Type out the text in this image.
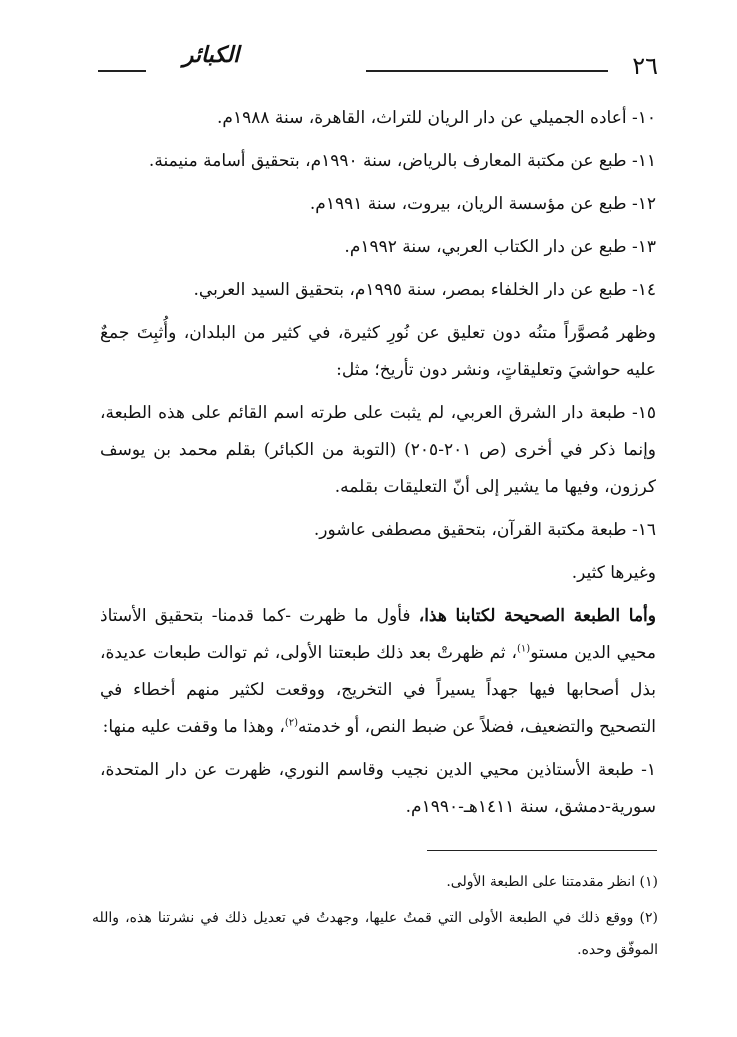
٢٦
الكبائر

١٠- أعاده الجميلي عن دار الريان للتراث، القاهرة، سنة ١٩٨٨م.

١١- طبع عن مكتبة المعارف بالرياض، سنة ١٩٩٠م، بتحقيق أسامة منيمنة.

١٢- طبع عن مؤسسة الريان، بيروت، سنة ١٩٩١م.

١٣- طبع عن دار الكتاب العربي، سنة ١٩٩٢م.

١٤- طبع عن دار الخلفاء بمصر، سنة ١٩٩٥م، بتحقيق السيد العربي.

وظهر مُصوَّراً متنُه دون تعليق عن نُورِ كثيرة، في كثير من البلدان، وأُثبِتَ جمعٌ عليه حواشيَ وتعليقاتٍ، ونشر دون تأريخ؛ مثل:

١٥- طبعة دار الشرق العربي، لم يثبت على طرته اسم القائم على هذه الطبعة، وإنما ذكر في أخرى (ص ٢٠١-٢٠٥) (التوبة من الكبائر) بقلم محمد بن يوسف كرزون، وفيها ما يشير إلى أنّ التعليقات بقلمه.

١٦- طبعة مكتبة القرآن، بتحقيق مصطفى عاشور.

وغيرها كثير.

وأما الطبعة الصحيحة لكتابنا هذا، فأول ما ظهرت -كما قدمنا- بتحقيق الأستاذ محيي الدين مستو$^{(١)}$، ثم ظهرتْ بعد ذلك طبعتنا الأولى، ثم توالت طبعات عديدة، بذل أصحابها فيها جهداً يسيراً في التخريج، ووقعت لكثير منهم أخطاء في التصحيح والتضعيف، فضلاً عن ضبط النص، أو خدمته$^{(٢)}$، وهذا ما وقفت عليه منها:

١- طبعة الأستاذين محيي الدين نجيب وقاسم النوري، ظهرت عن دار المتحدة، سورية-دمشق، سنة ١٤١١هـ-١٩٩٠م.

(١) انظر مقدمتنا على الطبعة الأولى.

(٢) ووقع ذلك في الطبعة الأولى التي قمتُ عليها، وجهدتُ في تعديل ذلك في نشرتنا هذه، والله الموفّق وحده.
